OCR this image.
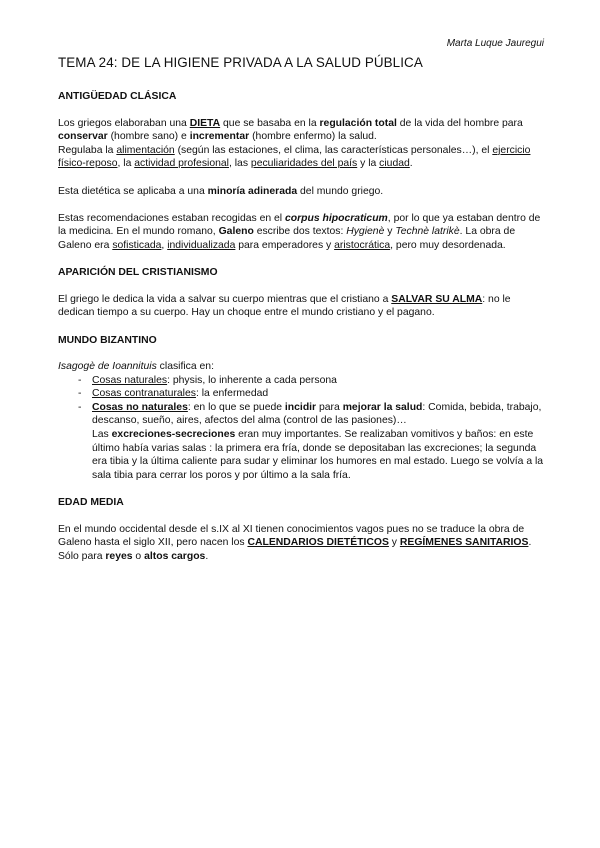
Marta Luque Jauregui
TEMA 24: DE LA HIGIENE PRIVADA A LA SALUD PÚBLICA
ANTIGÜEDAD CLÁSICA

Los griegos elaboraban una DIETA que se basaba en la regulación total de la vida del hombre para conservar (hombre sano) e incrementar (hombre enfermo) la salud.

Regulaba la alimentación (según las estaciones, el clima, las características personales…), el ejercicio físico-reposo, la actividad profesional, las peculiaridades del país y la ciudad.

Esta dietética se aplicaba a una minoría adinerada del mundo griego.

Estas recomendaciones estaban recogidas en el corpus hipocraticum, por lo que ya estaban dentro de la medicina. En el mundo romano, Galeno escribe dos textos: Hygienè y Technè latrikè. La obra de Galeno era sofisticada, individualizada para emperadores y aristocrática, pero muy desordenada.

APARICIÓN DEL CRISTIANISMO

El griego le dedica la vida a salvar su cuerpo mientras que el cristiano a SALVAR SU ALMA: no le dedican tiempo a su cuerpo. Hay un choque entre el mundo cristiano y el pagano.

MUNDO BIZANTINO
Isagogè de Ioannituis clasifica en:
- Cosas naturales: physis, lo inherente a cada persona
- Cosas contranaturales: la enfermedad
- Cosas no naturales: en lo que se puede incidir para mejorar la salud: Comida, bebida, trabajo, descanso, sueño, aires, afectos del alma (control de las pasiones)…
Las excreciones-secreciones eran muy importantes. Se realizaban vomitivos y baños: en este último había varias salas : la primera era fría, donde se depositaban las excreciones; la segunda era tibia y la última caliente para sudar y eliminar los humores en mal estado. Luego se volvía a la sala tibia para cerrar los poros y por último a la sala fría.
EDAD MEDIA

En el mundo occidental desde el s.IX al XI tienen conocimientos vagos pues no se traduce la obra de Galeno hasta el siglo XII, pero nacen los CALENDARIOS DIETÉTICOS y REGÍMENES SANITARIOS. Sólo para reyes o altos cargos.
